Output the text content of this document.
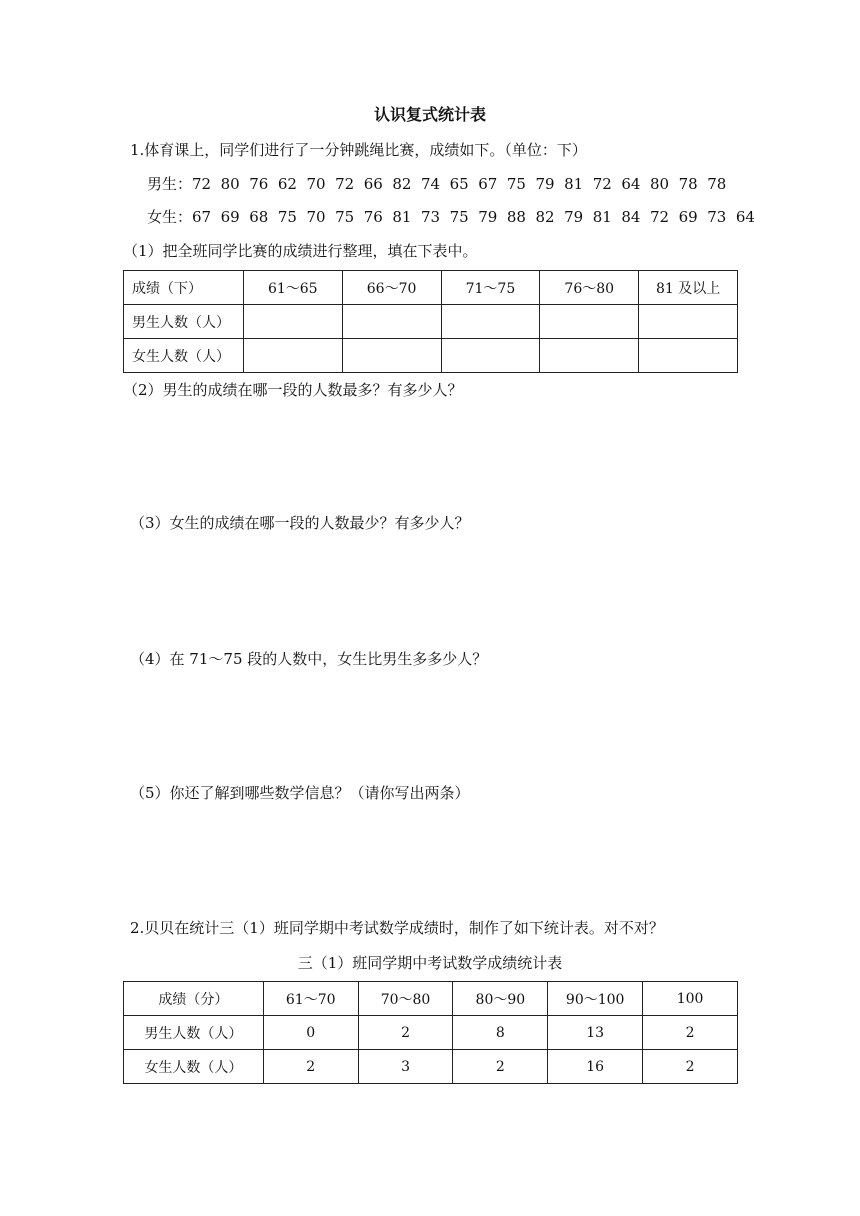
认识复式统计表
1.体育课上，同学们进行了一分钟跳绳比赛，成绩如下。（单位：下）
男生：72  80  76  62  70  72  66  82  74  65  67  75  79  81  72  64  80  78  78
女生：67  69  68  75  70  75  76  81  73  75  79  88  82  79  81  84  72  69  73  64
（1）把全班同学比赛的成绩进行整理，填在下表中。
成绩（下）	61～65	66～70	71～75	76～80	81 及以上
男生人数（人）					
女生人数（人）					
（2）男生的成绩在哪一段的人数最多？有多少人？
（3）女生的成绩在哪一段的人数最少？有多少人？
（4）在 71～75 段的人数中，女生比男生多多少人？
（5）你还了解到哪些数学信息？（请你写出两条）
2.贝贝在统计三（1）班同学期中考试数学成绩时，制作了如下统计表。对不对？
三（1）班同学期中考试数学成绩统计表
成绩（分）	61～70	70～80	80～90	90～100	100
男生人数（人）	0	2	8	13	2
女生人数（人）	2	3	2	16	2
